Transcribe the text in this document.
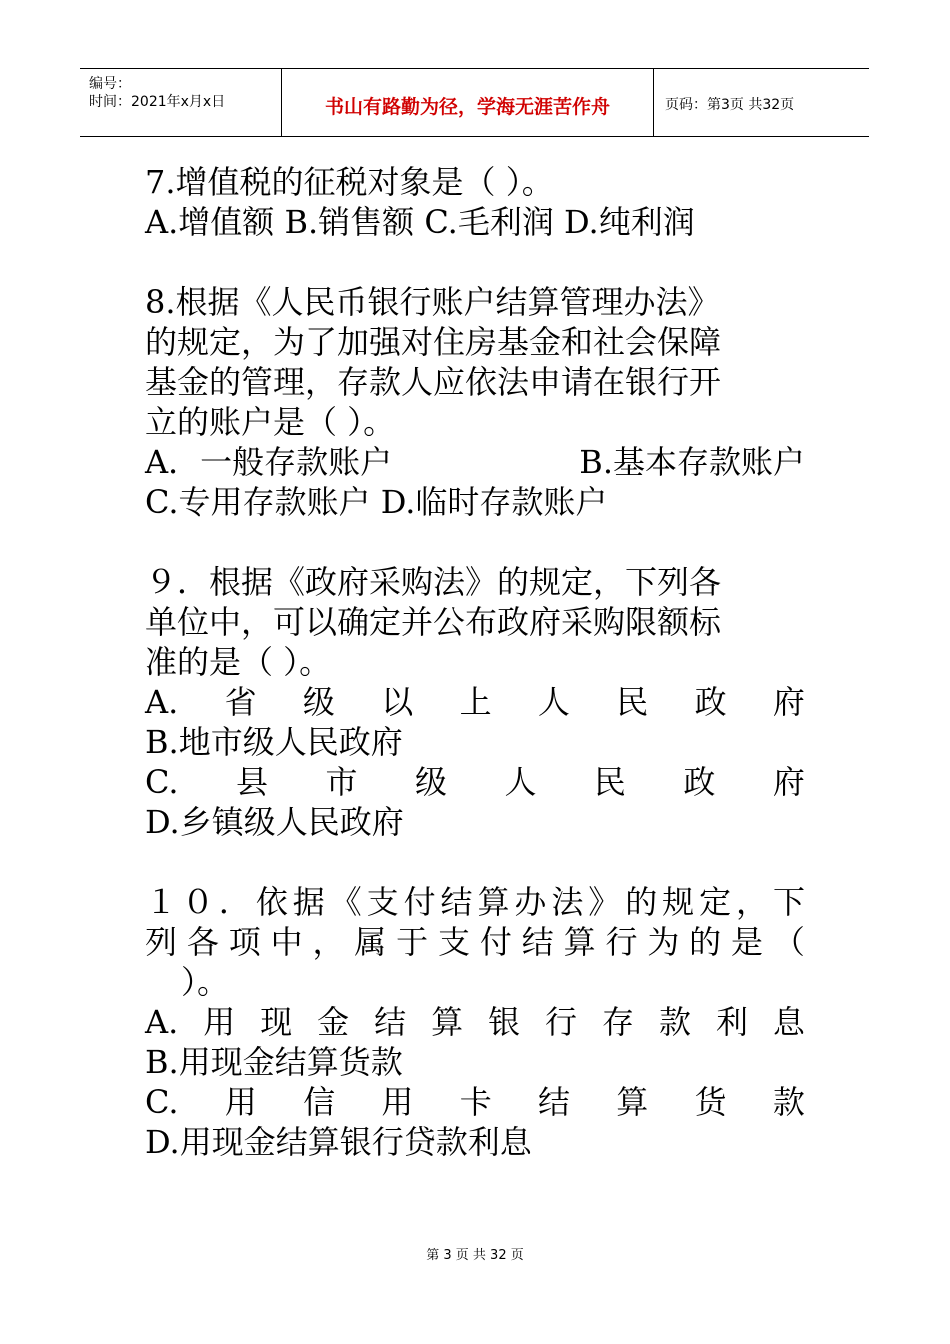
编号：
时间：2021年x月x日	书山有路勤为径，学海无涯苦作舟	页码：第3页 共32页
7.增值税的征税对象是（ ）。
A.增值额 B.销售额 C.毛利润 D.纯利润
8.根据《人民币银行账户结算管理办法》
的规定，为了加强对住房基金和社会保障
基金的管理，存款人应依法申请在银行开
立的账户是（ ）。
A．一般存款账户	B.基本存款账户
C.专用存款账户 D.临时存款账户
９．根据《政府采购法》的规定，下列各
单位中，可以确定并公布政府采购限额标
准的是（ ）。
A. 省 级 以 上 人 民 政 府
B.地市级人民政府
C. 县 市 级 人 民 政 府
D.乡镇级人民政府
１ ０ ． 依 据 《 支 付 结 算 办 法 》 的 规 定 ， 下
列 各 项 中 ， 属 于 支 付 结 算 行 为 的 是 （
）。
A. 用 现 金 结 算 银 行 存 款 利 息
B.用现金结算货款
C. 用 信 用 卡 结 算 货 款
D.用现金结算银行贷款利息
第 3 页 共 32 页
